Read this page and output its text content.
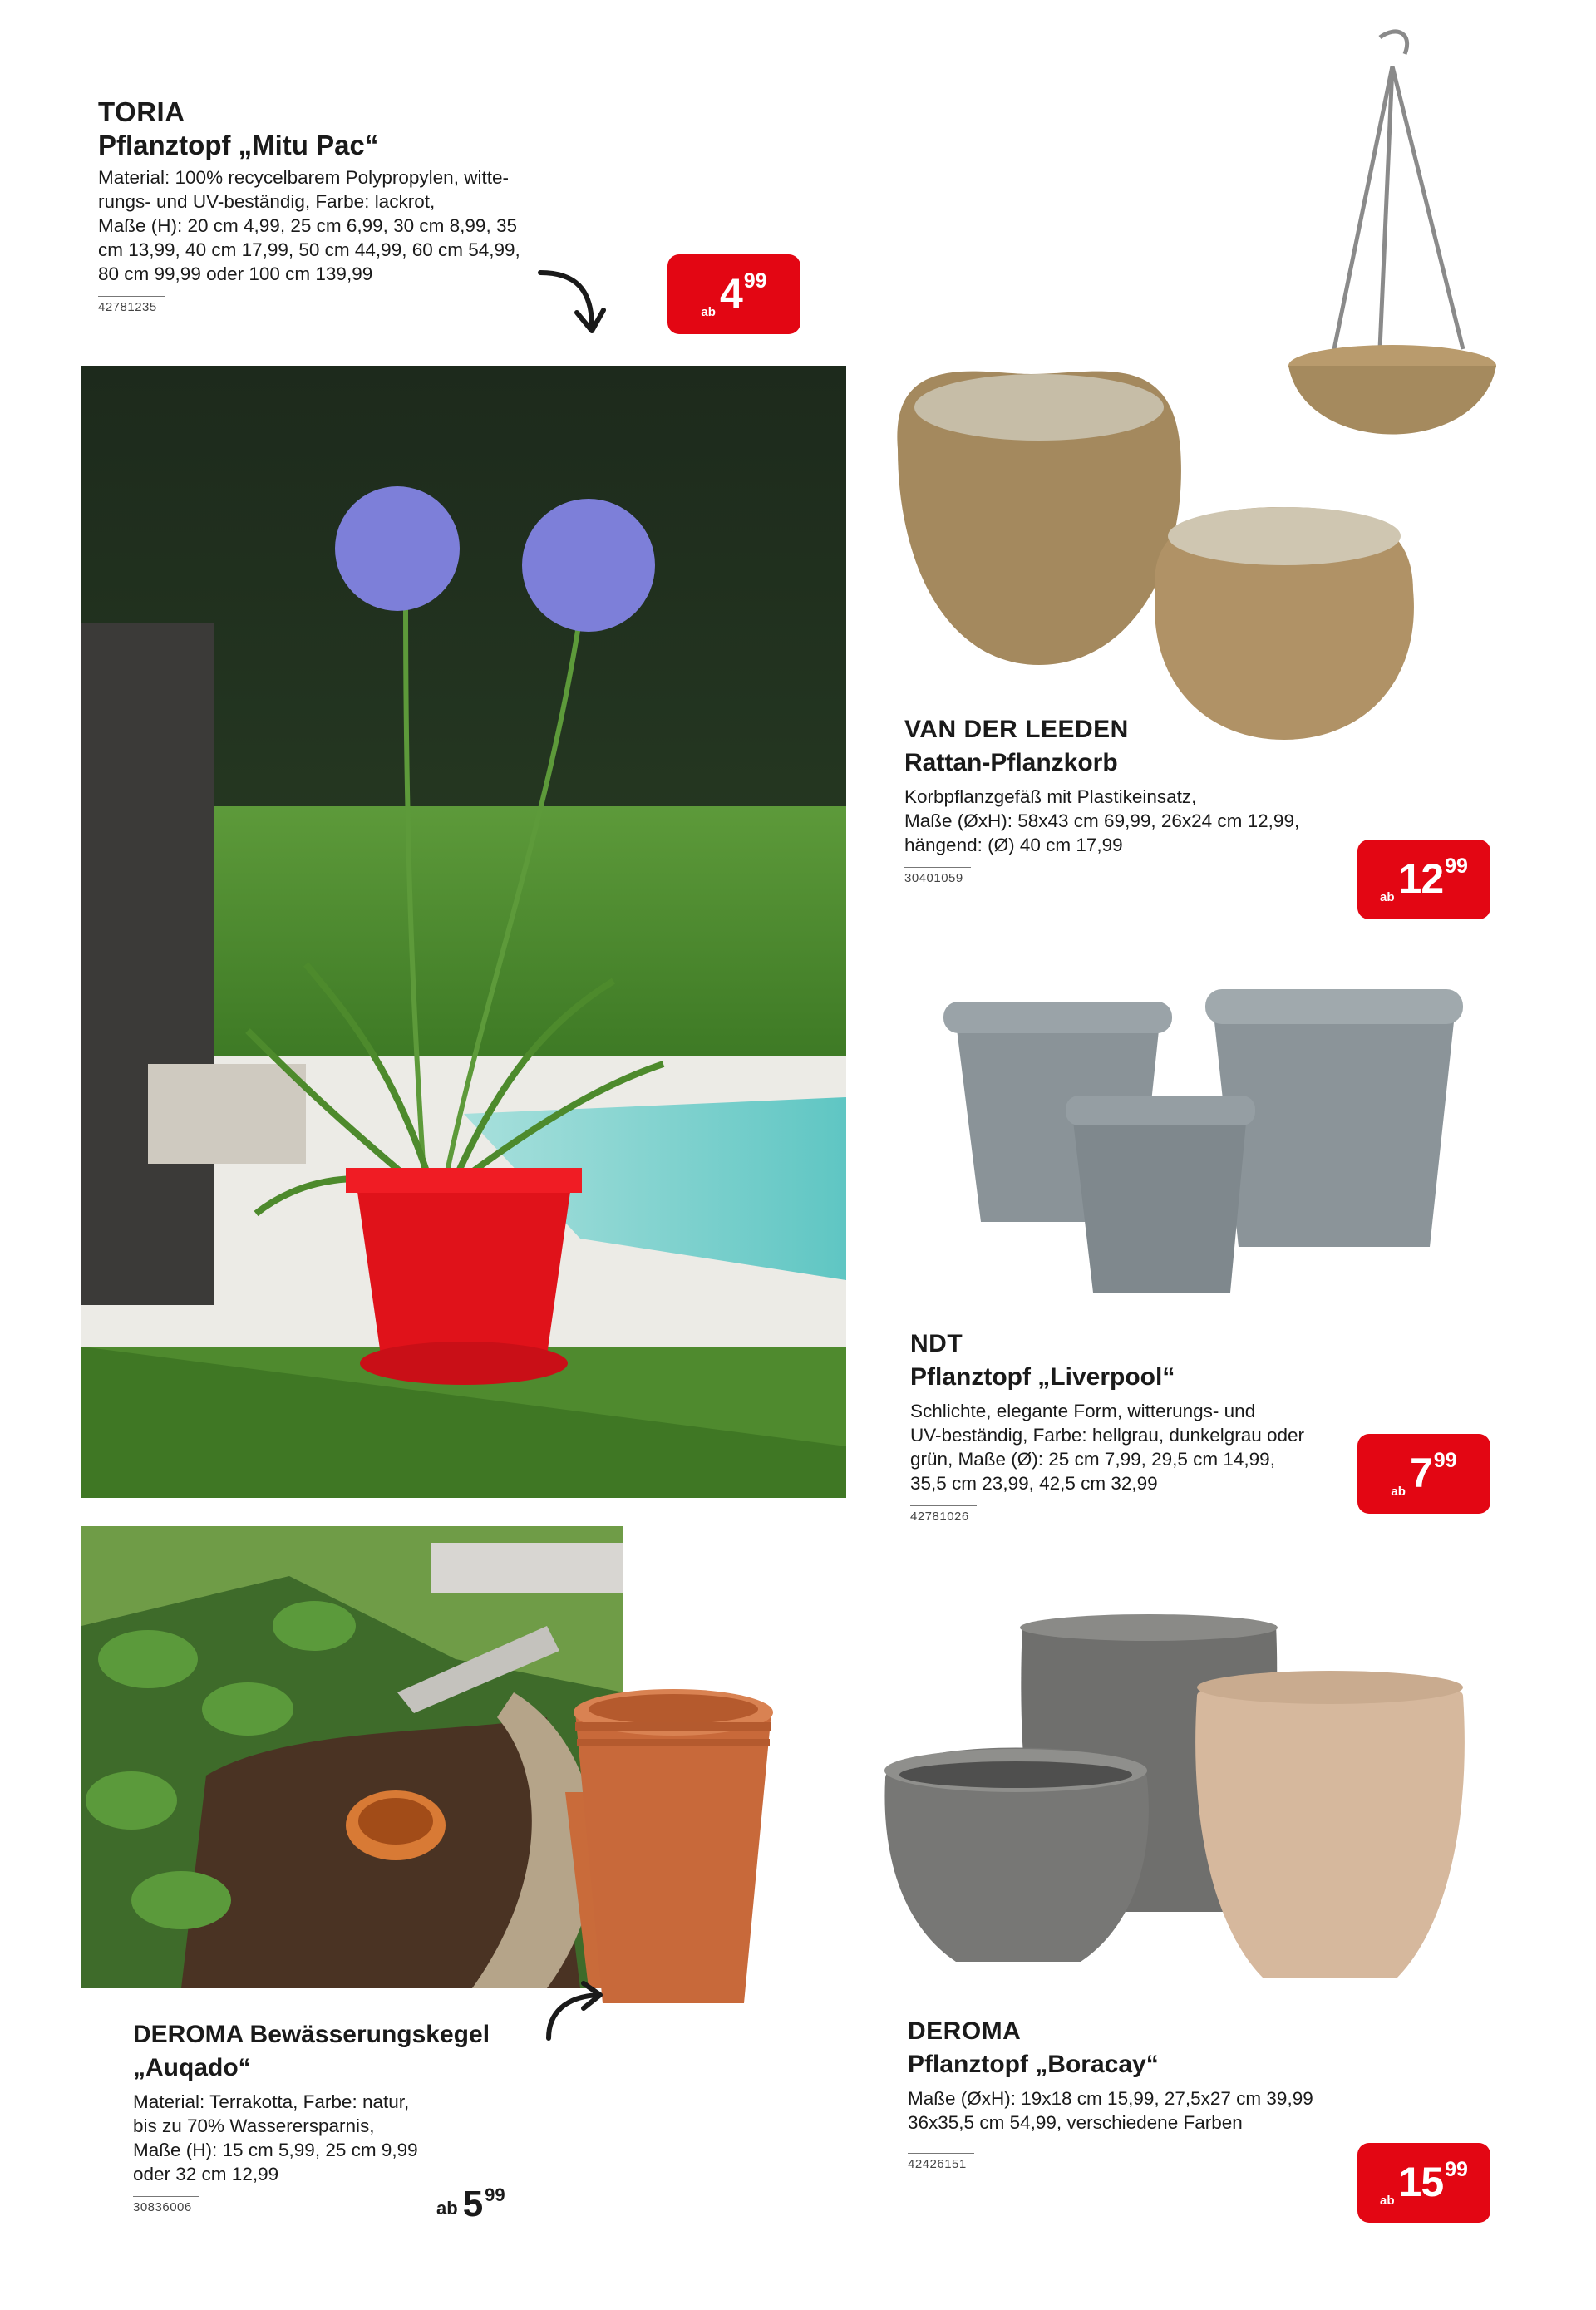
TORIA
Pflanztopf „Mitu Pac“
Material: 100% recycelbarem Polypropylen, witte-
rungs- und UV-beständig, Farbe: lackrot,
Maße (H): 20 cm 4,99, 25 cm 6,99, 30 cm 8,99, 35
cm 13,99, 40 cm 17,99, 50 cm 44,99, 60 cm 54,99,
80 cm 99,99 oder 100 cm 139,99
42781235	ab 4 99
VAN DER LEEDEN
Rattan-Pflanzkorb
Korbpflanzgefäß mit Plastikeinsatz,
Maße (ØxH): 58x43 cm 69,99, 26x24 cm 12,99,
hängend: (Ø) 40 cm 17,99
30401059
ab 12 99
NDT
Pflanztopf „Liverpool“
Schlichte, elegante Form, witterungs- und
UV-beständig, Farbe: hellgrau, dunkelgrau oder
grün, Maße (Ø): 25 cm 7,99, 29,5 cm 14,99,
35,5 cm 23,99, 42,5 cm 32,99
42781026
ab 7 99
DEROMA Bewässerungskegel
„Auqado“
Material: Terrakotta, Farbe: natur,
bis zu 70% Wasserersparnis,
Maße (H): 15 cm 5,99, 25 cm 9,99
oder 32 cm 12,99
30836006	ab 5 99
DEROMA
Pflanztopf „Boracay“
Maße (ØxH): 19x18 cm 15,99, 27,5x27 cm 39,99
36x35,5 cm 54,99, verschiedene Farben
42426151
ab 15 99
